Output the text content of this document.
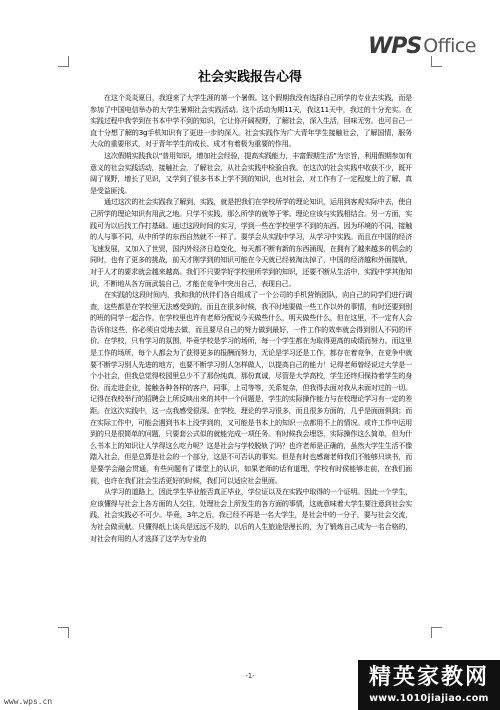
WPS Office
社会实践报告心得

在这个炎炎夏日，我迎来了大学生涯的第一个暑假。这个假期我没有选择自己所学的专业去实践，而是参加了中国电信举办的大学生暑期社会实践活动。这个活动为期11天，我这11天中，我过的十分充实。在实践过程中我学到在书本中学不到的知识，它让你开阔视野，了解社会，深入生活，回味无穷。也可自己一直十分想了解的3g手机知识有了更进一步的深入。社会实践作为广大青年学生接触社会，了解国情，服务大众的重要形式，对于青年学生的成长、成才有着极为重要的作用。

这次假期实践我以“普用知识，增加社会经验，提高实践能力，丰富假期生活”为宗旨，利用假期参加有意义的社会实践活动，接触社会，了解社会，从社会实践中检验自我。在这次的社会实践中收获不少，既开阔了视野，增长了见识，又学到了很多书本上学不到的知识，也对社会，对工作有了一定程度上的了解，真是受益匪浅。

通过这次的社会实践我了解到，实践，就是把我们在学校所学的理论知识，运用到客观实际中去，使自己所学的理论知识有用武之地。只学不实践，那么所学的就等于零。理论应该与实践相结合。另一方面，实践可为以后找工作打基础。通过这段时间的实习，学到一些在学校里学不到的东西。因为环境的不同，接触的人与事不同，从中所学的东西自然就不一样了。要学会从实践中学习，从学习中实践。而且在中国的经济飞速发展，又加入了世贸，国内外经济日趋变化，每天都不断有新的东西涌现，在拥有了越来越多的机会的同时，也有了更多的挑战，前天才刚学到的知识可能在今天就已经被淘汰掉了，中国的经济越和外面接轨，对于人才的要求就会越来越高。我们不只要学好学校里所学到的知识，还要不断从生活中，实践中学其他知识，不断地从各方面武装自己，才能在竞争中突出自己，表现自己。

在实践的这段时间内，我和我的伙伴们各自组成了一个公司的手机营销团队，向自己的同学们进行调查，这些都是在学校里无法感受到的。而且在很多时候，我不时地要做一些工作以外的事情，有时还要到别的班的同学一起合作。在学校里也许有老师分配说今天做些什么，明天做些什么，但在这里，不一定有人会告诉你这些，你必须自觉地去做，而且要尽自己的努力做到最好，一件工作的效率就会得到别人不同的评价。在学校，只有学习的氛围，毕竟学校是学习的场所，每一个学生都在为取得更高的成绩而努力。而这里是工作的场所，每个人都会为了获得更多的报酬而努力，无论是学习还是工作，都存在着竞争，在竞争中就要不断学习别人先进的地方，也要不断学习别人怎样做人，以提高自己的能力！记得老师曾经说过大学是一个小社会，但我总觉得校园里总少不了那份纯真，那份真诚，尽管是大学高校，学生还终归保持着学生的身份。而走进企业，接触各种各样的客户，同事，上司等等，关系复杂，但我得去面对我从未面对过的一切。记得在我校举行的招聘会上所反映出来的其中一个问题是，学生的实际操作能力与在校理论学习有一定的差距。在这次实践中，这一点我感受很深。在学校，理论的学习很多，而且很多方面的，几乎是面面俱到；而在实际工作中，可能会遇到书本上没学到的，又可能是书本上的知识一点都用不上的情况。或许工作中运用到的只是很简单的问题，只要套公式似的就能完成一项任务。有时候我会埋怨，实际操作这么简单，但为什么书本上的知识让人学得这么吃力呢？这是社会与学校脱轨了吗？也许老师是正确的，虽然大学生生活不像踏入社会，但是总算是社会的一个部分，这是不可否认的事实。但是有时也感谢老师我们不能够只读书，而是要学会融会贯通，有些问题有了课堂上的认识，如果老师的话有道理，学校有时侯能够走前，在我们面前，也许在我们社会生活更好的时候，我们可以适应社会里面。

从学习的道路上，因此学生毕业能否真正毕业，学位证以及在实践中取得的一个证明。因此一个学生，应该懂得与社会上各方面的人交往，处理社会上所发生的各方面的事情，这就意味着大学生要注意到社会实践，社会实践必不可少。毕竟，3年之后，我已经不再是一名大学生，是社会中的一分子，要与社会交流，为社会做贡献。只懂得纸上谈兵是远远不及的，以后的人生旅途是漫长的，为了锻炼自己成为一名合格的，对社会有用的人才选择了这学为专业的

-1-
www.wps.cn
精英家教网
www.1010jiajiao.com
